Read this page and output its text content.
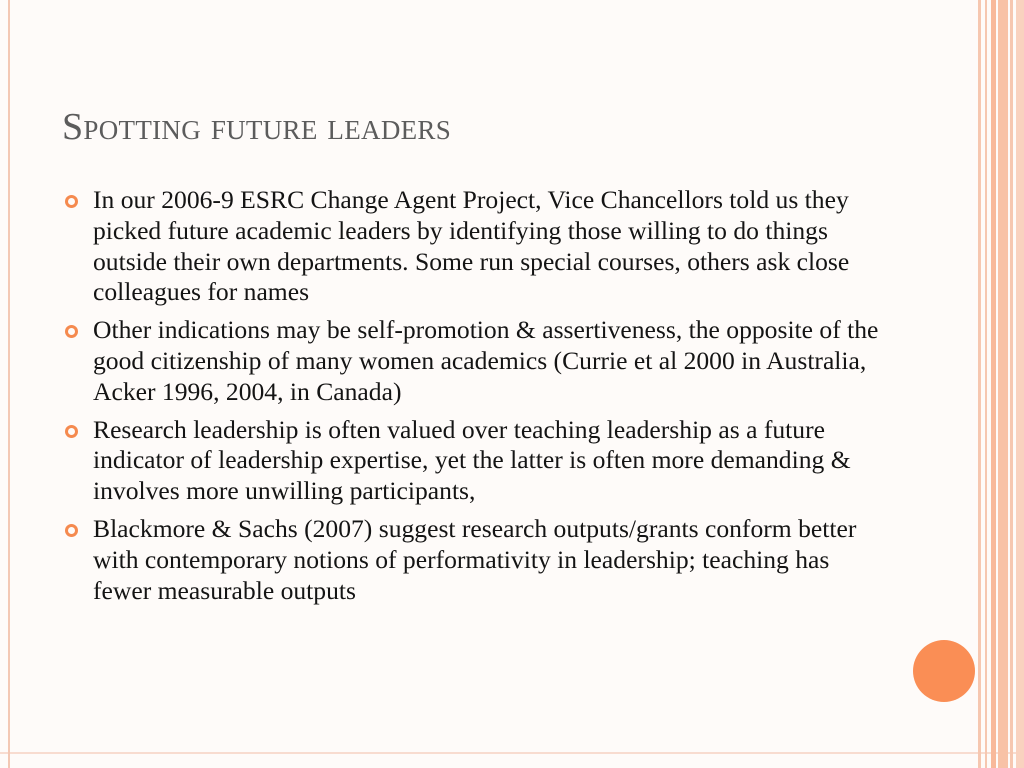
Spotting future leaders
In our 2006-9 ESRC Change Agent Project, Vice Chancellors told us they picked future academic leaders by identifying those willing to do things outside their own departments. Some run special courses, others ask close colleagues for names
Other indications may be self-promotion & assertiveness, the opposite of the good citizenship of many women academics (Currie et al 2000 in Australia, Acker 1996, 2004, in Canada)
Research leadership is often valued over teaching leadership as a future indicator of leadership expertise, yet the latter is often more demanding & involves more unwilling participants,
Blackmore & Sachs (2007) suggest research outputs/grants conform better with contemporary notions of performativity in leadership; teaching has fewer measurable outputs
